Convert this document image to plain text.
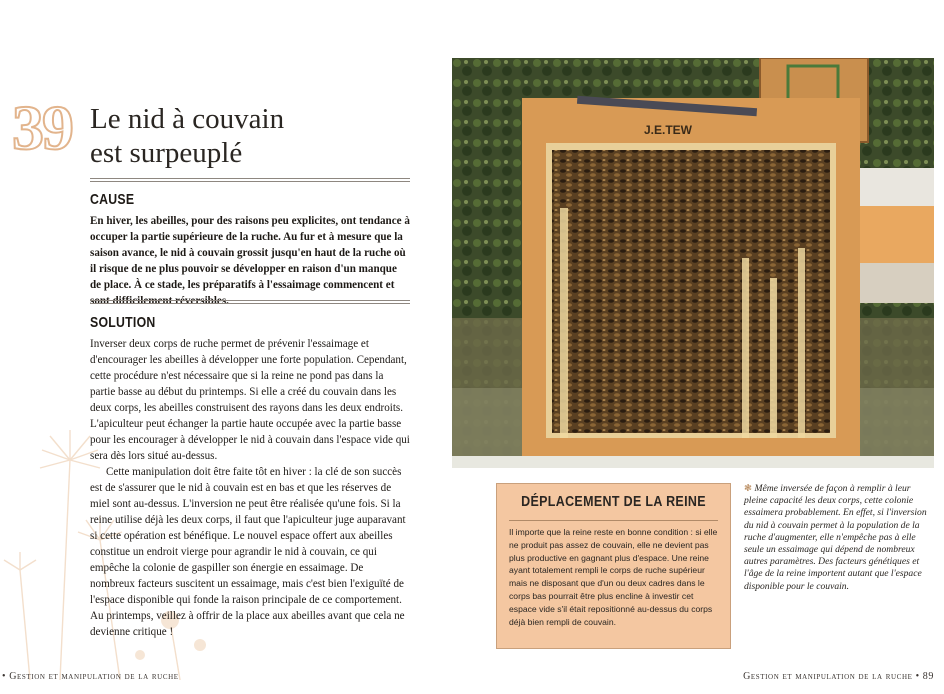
39 Le nid à couvain
est surpeuplé
CAUSE
En hiver, les abeilles, pour des raisons peu explicites, ont tendance à occuper la partie supérieure de la ruche. Au fur et à mesure que la saison avance, le nid à couvain grossit jusqu'en haut de la ruche où il risque de ne plus pouvoir se développer en raison d'un manque de place. À ce stade, les préparatifs à l'essaimage commencent et sont difficilement réversibles.
SOLUTION

Inverser deux corps de ruche permet de prévenir l'essaimage et d'encourager les abeilles à développer une forte population. Cependant, cette procédure n'est nécessaire que si la reine ne pond pas dans la partie basse au début du printemps. Si elle a créé du couvain dans les deux corps, les abeilles construisent des rayons dans les deux endroits. L'apiculteur peut échanger la partie haute occupée avec la partie basse pour les encourager à développer le nid à couvain dans l'espace vide qui sera dès lors situé au-dessus.

Cette manipulation doit être faite tôt en hiver : la clé de son succès est de s'assurer que le nid à couvain est en bas et que les réserves de miel sont au-dessus. L'inversion ne peut être réalisée qu'une fois. Si la reine utilise déjà les deux corps, il faut que l'apiculteur juge auparavant si cette opération est bénéfique. Le nouvel espace offert aux abeilles constitue un endroit vierge pour agrandir le nid à couvain, ce qui empêche la colonie de gaspiller son énergie en essaimage. De nombreux facteurs suscitent un essaimage, mais c'est bien l'exiguïté de l'espace disponible qui fonde la raison principale de ce comportement. Au printemps, veillez à offrir de la place aux abeilles avant que cela ne devienne critique !

J.E.TEW
DÉPLACEMENT DE LA REINE
Il importe que la reine reste en bonne condition : si elle ne produit pas assez de couvain, elle ne devient pas plus productive en gagnant plus d'espace. Une reine ayant totalement rempli le corps de ruche supérieur mais ne disposant que d'un ou deux cadres dans le corps bas pourrait être plus encline à investir cet espace vide s'il était repositionné au-dessus du corps déjà bien rempli de couvain.
❃ Même inversée de façon à remplir à leur pleine capacité les deux corps, cette colonie essaimera probablement. En effet, si l'inversion du nid à couvain permet à la population de la ruche d'augmenter, elle n'empêche pas à elle seule un essaimage qui dépend de nombreux autres paramètres. Des facteurs génétiques et l'âge de la reine importent autant que l'espace disponible pour le couvain.
• Gestion et manipulation de la ruche	Gestion et manipulation de la ruche • 89
